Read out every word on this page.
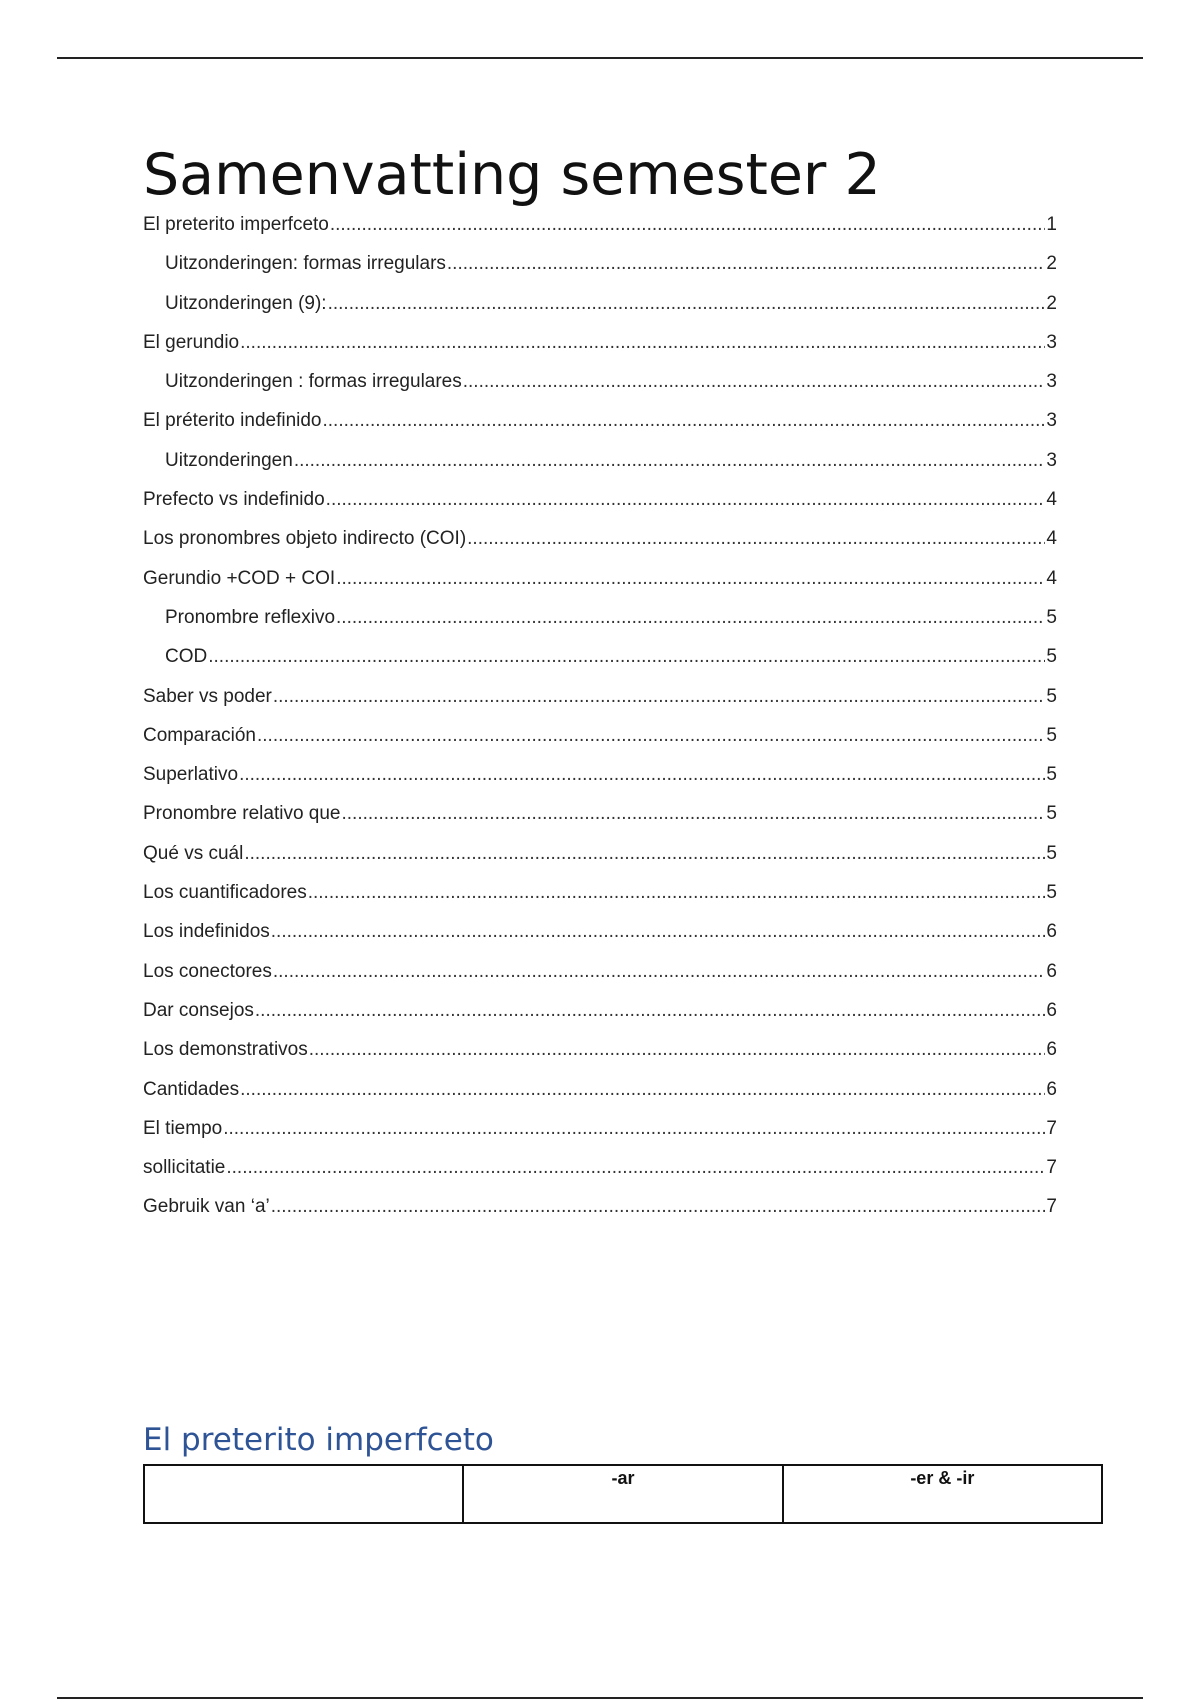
Samenvatting semester 2
El preterito imperfceto .....	1
Uitzonderingen: formas irregulars .....	2
Uitzonderingen (9): .....	2
El gerundio .....	3
Uitzonderingen : formas irregulares .....	3
El préterito indefinido .....	3
Uitzonderingen .....	3
Prefecto vs indefinido .....	4
Los pronombres objeto indirecto (COI) .....	4
Gerundio +COD + COI .....	4
Pronombre reflexivo .....	5
COD .....	5
Saber vs poder .....	5
Comparación .....	5
Superlativo .....	5
Pronombre relativo que .....	5
Qué vs cuál .....	5
Los cuantificadores .....	5
Los indefinidos .....	6
Los conectores .....	6
Dar consejos .....	6
Los demonstrativos .....	6
Cantidades .....	6
El tiempo .....	7
sollicitatie .....	7
Gebruik van ‘a’ .....	7
El preterito imperfceto
	-ar	-er & -ir
